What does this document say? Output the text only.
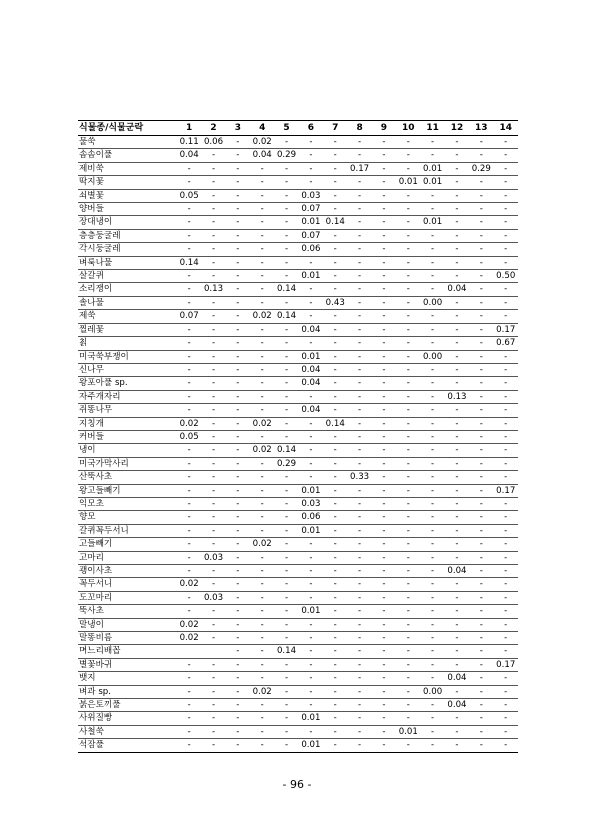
식물종/식물군락	1	2	3	4	5	6	7	8	9	10	11	12	13	14
물쑥	0.11	0.06	-	0.02	-	-	-	-	-	-	-	-	-	-
솜솜이풀	0.04	-	-	0.04	0.29	-	-	-	-	-	-	-	-	-
제비쑥	-	-	-	-	-	-	-	0.17	-	-	0.01	-	0.29	-
딱지꽃	-	-	-	-	-	-	-	-	-	0.01	0.01	-	-	-
쇠별꽃	0.05	-	-	-	-	0.03	-	-	-	-	-	-	-	-
양버들	-	-	-	-	-	0.07	-	-	-	-	-	-	-	-
장대냉이	-	-	-	-	-	0.01	0.14	-	-	-	0.01	-	-	-
층층둥굴레	-	-	-	-	-	0.07	-	-	-	-	-	-	-	-
각시둥굴레	-	-	-	-	-	0.06	-	-	-	-	-	-	-	-
벼룩나물	0.14	-	-	-	-	-	-	-	-	-	-	-	-	-
살갈퀴	-	-	-	-	-	0.01	-	-	-	-	-	-	-	0.50
소리쟁이	-	0.13	-	-	0.14	-	-	-	-	-	-	0.04	-	-
솔나물	-	-	-	-	-	-	0.43	-	-	-	0.00	-	-	-
제쑥	0.07	-	-	0.02	0.14	-	-	-	-	-	-	-	-	-
찔레꽃	-	-	-	-	-	0.04	-	-	-	-	-	-	-	0.17
칡	-	-	-	-	-	-	-	-	-	-	-	-	-	0.67
미국쑥부쟁이	-	-	-	-	-	0.01	-	-	-	-	0.00	-	-	-
신나무	-	-	-	-	-	0.04	-	-	-	-	-	-	-	-
왕포아풀 sp.	-	-	-	-	-	0.04	-	-	-	-	-	-	-	-
자주개자리	-	-	-	-	-	-	-	-	-	-	-	0.13	-	-
쥐똥나무	-	-	-	-	-	0.04	-	-	-	-	-	-	-	-
지칭개	0.02	-	-	0.02	-	-	0.14	-	-	-	-	-	-	-
커버들	0.05	-	-	-	-	-	-	-	-	-	-	-	-	-
냉이	-	-	-	0.02	0.14	-	-	-	-	-	-	-	-	-
미국가막사리	-	-	-	-	0.29	-	-	-	-	-	-	-	-	-
산뚝사초	-	-	-	-	-	-	-	0.33	-	-	-	-	-	-
왕고들빼기	-	-	-	-	-	0.01	-	-	-	-	-	-	-	0.17
익모초	-	-	-	-	-	0.03	-	-	-	-	-	-	-	-
향모	-	-	-	-	-	0.06	-	-	-	-	-	-	-	-
갈퀴꼭두서니	-	-	-	-	-	0.01	-	-	-	-	-	-	-	-
고들빼기	-	-	-	0.02	-	-	-	-	-	-	-	-	-	-
고마리	-	0.03	-	-	-	-	-	-	-	-	-	-	-	-
괭이사초	-	-	-	-	-	-	-	-	-	-	-	0.04	-	-
꼭두서니	0.02	-	-	-	-	-	-	-	-	-	-	-	-	-
도꼬마리	-	0.03	-	-	-	-	-	-	-	-	-	-	-	-
뚝사초	-	-	-	-	-	0.01	-	-	-	-	-	-	-	-
말냉이	0.02	-	-	-	-	-	-	-	-	-	-	-	-	-
말똥비름	0.02	-	-	-	-	-	-	-	-	-	-	-	-	-
며느리배꼽			-	-	0.14	-	-	-	-	-	-	-	-	-
별꽃바귀	-	-	-	-	-	-	-	-	-	-	-	-	-	0.17
뱃지	-	-	-	-	-	-	-	-	-	-	-	0.04	-	-
벼과 sp.	-	-	-	0.02	-	-	-	-	-	-	0.00	-	-	-
붉은토끼풀	-	-	-	-	-	-	-	-	-	-	-	0.04	-	-
사위질빵	-	-	-	-	-	0.01	-	-	-	-	-	-	-	-
사철쑥	-	-	-	-	-	-	-	-	-	0.01	-	-	-	-
석잠풀	-	-	-	-	-	0.01	-	-	-	-	-	-	-	-
- 96 -
